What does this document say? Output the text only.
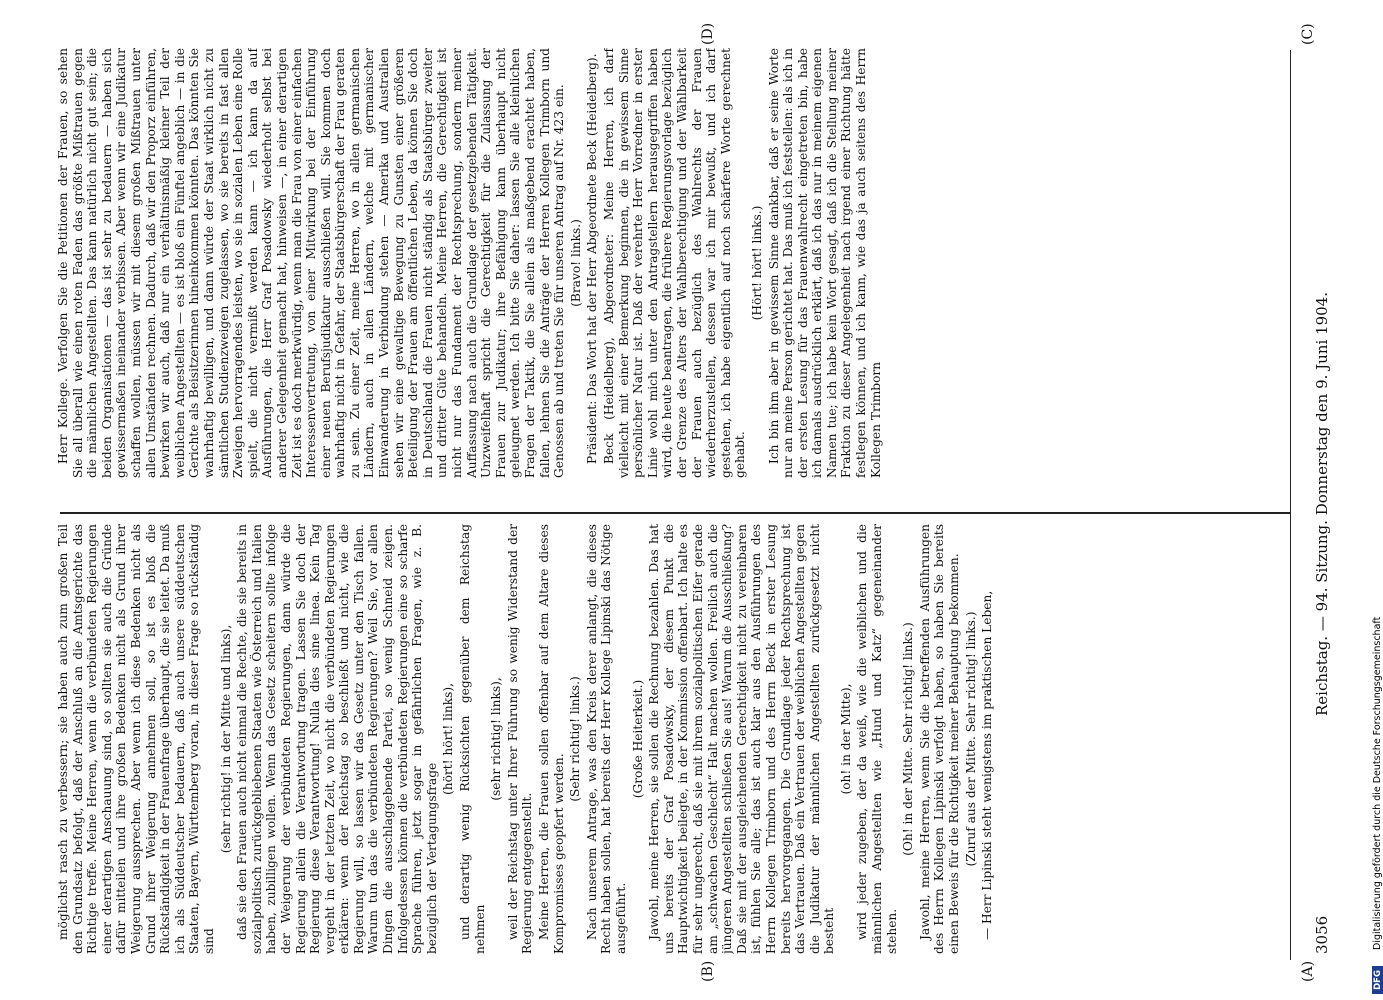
3056
Reichstag. — 94. Sitzung. Donnerstag den 9. Juni 1904.
(A)
(B)
(C)
(D)

möglichst rasch zu verbessern; sie haben auch zum großen Teil den Grundsatz befolgt, daß der Anschluß an die Amtsgerichte das Richtige treffe. Meine Herren, wenn die verbündeten Regierungen einer derartigen Anschauung sind, so sollten sie auch die Gründe dafür mitteilen und ihre großen Bedenken nicht als Grund ihrer Weigerung aussprechen. Aber wenn ich diese Bedenken nicht als Grund ihrer Weigerung annehmen soll, so ist es bloß die Rückständigkeit in der Frauenfrage überhaupt, die sie leitet. Da muß ich als Süddeutscher bedauern, daß auch unsere süddeutschen Staaten, Bayern, Württemberg voran, in dieser Frage so rückständig sind

(sehr richtig! in der Mitte und links), daß sie den Frauen auch nicht einmal die Rechte, die sie bereits in sozialpolitisch zurückgebliebenen Staaten wie Österreich und Italien haben, zubilligen wollen. Wenn das Gesetz scheitern sollte infolge der Weigerung der verbündeten Regierungen, dann würde die Regierung allein die Verantwortung tragen. Lassen Sie doch der Regierung diese Verantwortung! Nulla dies sine linea. Kein Tag vergeht in der letzten Zeit, wo nicht die verbündeten Regierungen erklären: wenn der Reichstag so beschließt und nicht, wie die Regierung will, so lassen wir das Gesetz unter den Tisch fallen. Warum tun das die verbündeten Regierungen? Weil Sie, vor allen Dingen die ausschlaggebende Partei, so wenig Schneid zeigen. Infolgedessen können die verbündeten Regierungen eine so scharfe Sprache führen, jetzt sogar in gefährlichen Fragen, wie z. B. bezüglich der Vertagungsfrage

(hört! hört! links), und derartig wenig Rücksichten gegenüber dem Reichstag nehmen

(sehr richtig! links), weil der Reichstag unter Ihrer Führung so wenig Widerstand der Regierung entgegenstellt. Meine Herren, die Frauen sollen offenbar auf dem Altare dieses Kompromisses geopfert werden.

(Sehr richtig! links.) Nach unserem Antrage, was den Kreis derer anlangt, die dieses Recht haben sollen, hat bereits der Herr Kollege Lipinski das Nötige ausgeführt.

(Große Heiterkeit.) Jawohl, meine Herren, sie sollen die Rechnung bezahlen. Das hat uns bereits der Graf Posadowsky, der diesem Punkt die Hauptwichtigkeit beilegte, in der Kommission offenbart. Ich halte es für sehr ungerecht, daß sie mit ihrem sozialpolitischen Eifer gerade am „schwachen Geschlecht“ Halt machen wollen. Freilich auch die jüngeren Angestellten schließen Sie aus! Warum die Ausschließung? Daß sie mit der ausgleichenden Gerechtigkeit nicht zu vereinbaren ist, fühlen Sie alle; das ist auch klar aus den Ausführungen des Herrn Kollegen Trimborn und des Herrn Beck in erster Lesung bereits hervorgegangen. Die Grundlage jeder Rechtsprechung ist das Vertrauen. Daß ein Vertrauen der weiblichen Angestellten gegen die Judikatur der männlichen Angestellten zurückgesetzt nicht besteht

(oh! in der Mitte), wird jeder zugeben, der da weiß, wie die weiblichen und die männlichen Angestellten wie „Hund und Katz“ gegeneinander stehen.

(Oh! in der Mitte. Sehr richtig! links.) Jawohl, meine Herren, wenn Sie die betreffenden Ausführungen des Herrn Kollegen Lipinski verfolgt haben, so haben Sie bereits einen Beweis für die Richtigkeit meiner Behauptung bekommen. (Zuruf aus der Mitte. Sehr richtig! links.) — Herr Lipinski steht wenigstens im praktischen Leben,

Herr Kollege. Verfolgen Sie die Petitionen der Frauen, so sehen Sie all überall wie einen roten Faden das größte Mißtrauen gegen die männlichen Angestellten. Das kann natürlich nicht gut sein; die beiden Organisationen — das ist sehr zu bedauern — haben sich gewissermaßen ineinander verbissen. Aber wenn wir eine Judikatur schaffen wollen, müssen wir mit diesem großen Mißtrauen unter allen Umständen rechnen. Dadurch, daß wir den Proporz einführen, bewirken wir auch, daß nur ein verhältnismäßig kleiner Teil der weiblichen Angestellten — es ist bloß ein Fünftel angeblich — in die Gerichte als Beisitzerinnen hineinkommen könnten. Das könnten Sie wahrhaftig bewilligen, und dann würde der Staat wirklich nicht zu sämtlichen Studienzweigen zugelassen, wo sie bereits in fast allen Zweigen hervorragendes leisten, wo sie in sozialen Leben eine Rolle spielt, die nicht vermißt werden kann — ich kann da auf Ausführungen, die Herr Graf Posadowsky wiederholt selbst bei anderer Gelegenheit gemacht hat, hinweisen —, in einer derartigen Zeit ist es doch merkwürdig, wenn man die Frau von einer einfachen Interessenvertretung, von einer Mitwirkung bei der Einführung einer neuen Berufsjudikatur ausschließen will. Sie kommen doch wahrhaftig nicht in Gefahr, der Staatsbürgerschaft der Frau geraten zu sein. Zu einer Zeit, meine Herren, wo in allen germanischen Ländern, auch in allen Ländern, welche mit germanischer Einwanderung in Verbindung stehen — Amerika und Australien sehen wir eine gewaltige Bewegung zu Gunsten einer größeren Beteiligung der Frauen am öffentlichen Leben, da können Sie doch in Deutschland die Frauen nicht ständig als Staatsbürger zweiter und dritter Güte behandeln. Meine Herren, die Gerechtigkeit ist nicht nur das Fundament der Rechtsprechung, sondern meiner Auffassung nach auch die Grundlage der gesetzgebenden Tätigkeit. Unzweifelhaft spricht die Gerechtigkeit für die Zulassung der Frauen zur Judikatur; ihre Befähigung kann überhaupt nicht geleugnet werden. Ich bitte Sie daher: lassen Sie alle kleinlichen Fragen der Taktik, die Sie allein als maßgebend erachtet haben, fallen, lehnen Sie die Anträge der Herren Kollegen Trimborn und Genossen ab und treten Sie für unseren Antrag auf Nr. 423 ein. (Bravo! links.) Präsident: Das Wort hat der Herr Abgeordnete Beck (Heidelberg). Beck (Heidelberg), Abgeordneter: Meine Herren, ich darf vielleicht mit einer Bemerkung beginnen, die in gewissem Sinne persönlicher Natur ist. Daß der verehrte Herr Vorredner in erster Linie wohl mich unter den Antragstellern herausgegriffen haben wird, die heute beantragen, die frühere Regierungsvorlage bezüglich der Grenze des Alters der Wahlberechtigung und der Wählbarkeit der Frauen auch bezüglich des Wahlrechts der Frauen wiederherzustellen, dessen war ich mir bewußt, und ich darf gestehen, ich habe eigentlich auf noch schärfere Worte gerechnet gehabt.

(Hört! hört! links.) Ich bin ihm aber in gewissem Sinne dankbar, daß er seine Worte nur an meine Person gerichtet hat. Das muß ich feststellen: als ich in der ersten Lesung für das Frauenwahlrecht eingetreten bin, habe ich damals ausdrücklich erklärt, daß ich das nur in meinem eigenen Namen tue; ich habe kein Wort gesagt, daß ich die Stellung meiner Fraktion zu dieser Angelegenheit nach irgend einer Richtung hätte festlegen können, und ich kann, wie das ja auch seitens des Herrn Kollegen Trimborn

DFG
Digitalisierung gefördert durch die Deutsche Forschungsgemeinschaft
